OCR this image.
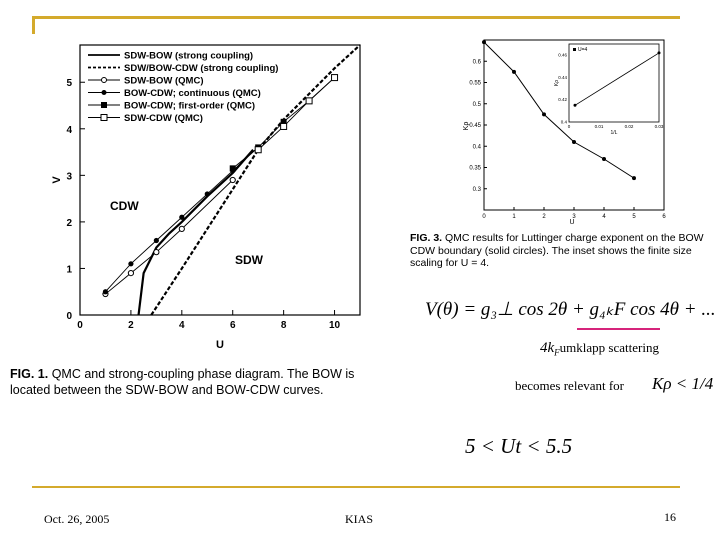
0	2	4	6	8	10
0
1
2
3
4
5
SDW-BOW (strong coupling)
SDW/BOW-CDW (strong coupling)
SDW-BOW (QMC)
BOW-CDW; continuous (QMC)
BOW-CDW; first-order (QMC)
SDW-CDW (QMC)
CDW
SDW
U
V
FIG. 1. QMC and strong-coupling phase diagram. The BOW is located between the SDW-BOW and BOW-CDW curves.
0	1	2	3	4	5	6
0.3
0.35
0.4
0.45
0.5
0.55
0.6
0	0.01	0.02	0.03
0.4
0.42
0.44
0.46
U=4
1/L
Kρ
U
Kρ
FIG. 3. QMC results for Luttinger charge exponent on the BOW CDW boundary (solid circles). The inset shows the finite size scaling for U = 4.
V(θ) = g₃⊥ cos 2θ + g₄ₖF cos 4θ + ...
$4k_Fumklapp$ scattering
becomes relevant for Kρ < 1/4
5 < Ut < 5.5
Oct. 26, 2005	KIAS	16
